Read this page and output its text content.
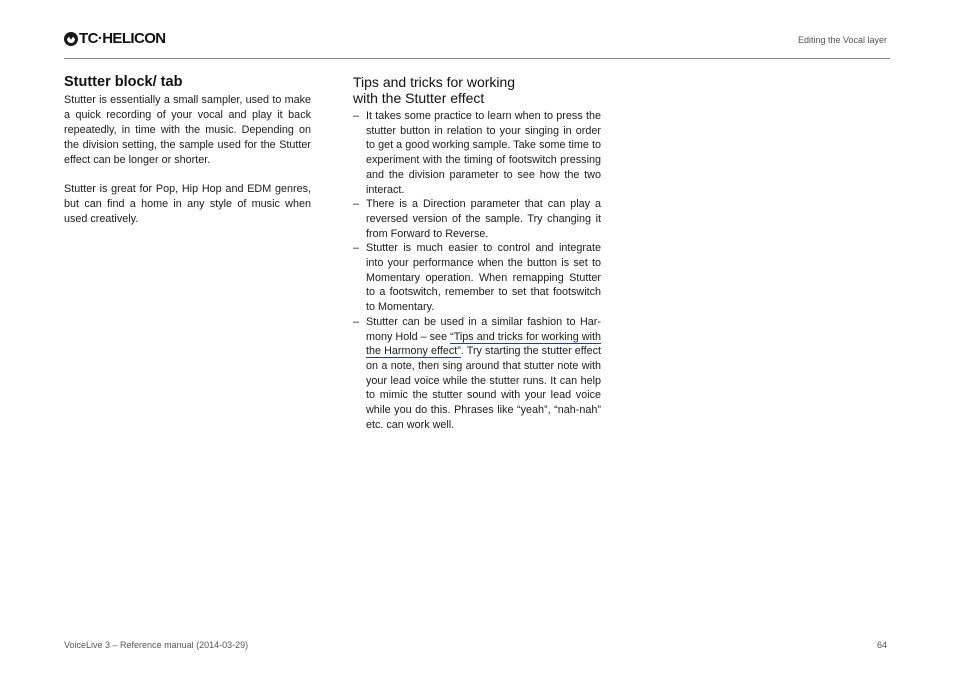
TC·HELICON	Editing the Vocal layer
Stutter block/ tab

Stutter is essentially a small sampler, used to make a quick recording of your vocal and play it back repeatedly, in time with the music. Depending on the division setting, the sample used for the Stutter effect can be longer or shorter.

Stutter is great for Pop, Hip Hop and EDM genres, but can find a home in any style of music when used creatively.

Tips and tricks for working
with the Stutter effect
– It takes some practice to learn when to press the stutter button in relation to your singing in order to get a good working sample. Take some time to experiment with the timing of footswitch pressing and the division parameter to see how the two interact.
– There is a Direction parameter that can play a reversed version of the sample. Try changing it from Forward to Reverse.
– Stutter is much easier to control and integrate into your performance when the button is set to Momentary operation. When remapping Stutter to a footswitch, remember to set that footswitch to Momentary.
– Stutter can be used in a similar fashion to Harmony Hold – see “Tips and tricks for working with the Harmony effect”. Try starting the stutter effect on a note, then sing around that stutter note with your lead voice while the stutter runs. It can help to mimic the stutter sound with your lead voice while you do this. Phrases like “yeah”, “nah-nah” etc. can work well.
VoiceLive 3 – Reference manual (2014-03-29)	64
